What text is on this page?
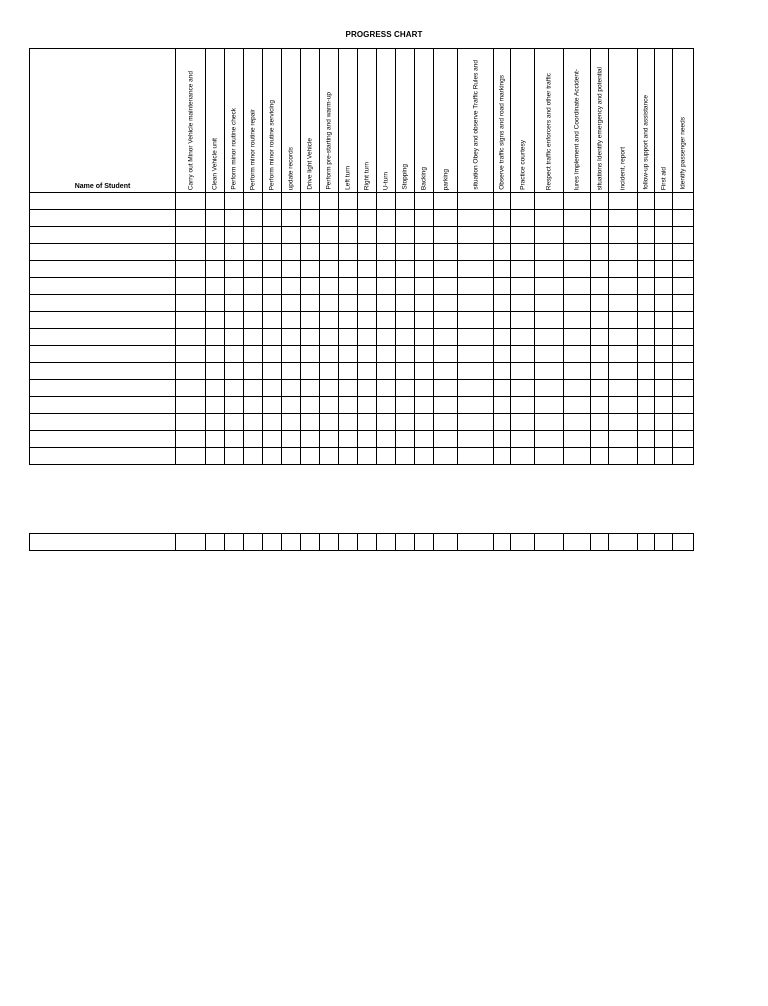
PROGRESS CHART
Name of Student	Carry out Minor Vehicle maintenance and	Clean Vehicle unit	Perform minor routine check	Perform minor routine repair	Perform minor routine servicing	update records	Drive light Vehicle	Perform pre-starting and warm-up	Left turn	Right turn	U-turn	Stopping	Backing	parking	situation Obey and observe Traffic Rules and	Observe traffic signs and road markings	Practice courtesy	Respect traffic enforcers and other traffic	lures Implement and Coordinate Accident-	situations Identify emergency and potential	incident, report	follow-up support and assistance	First aid	Identify passenger needs
